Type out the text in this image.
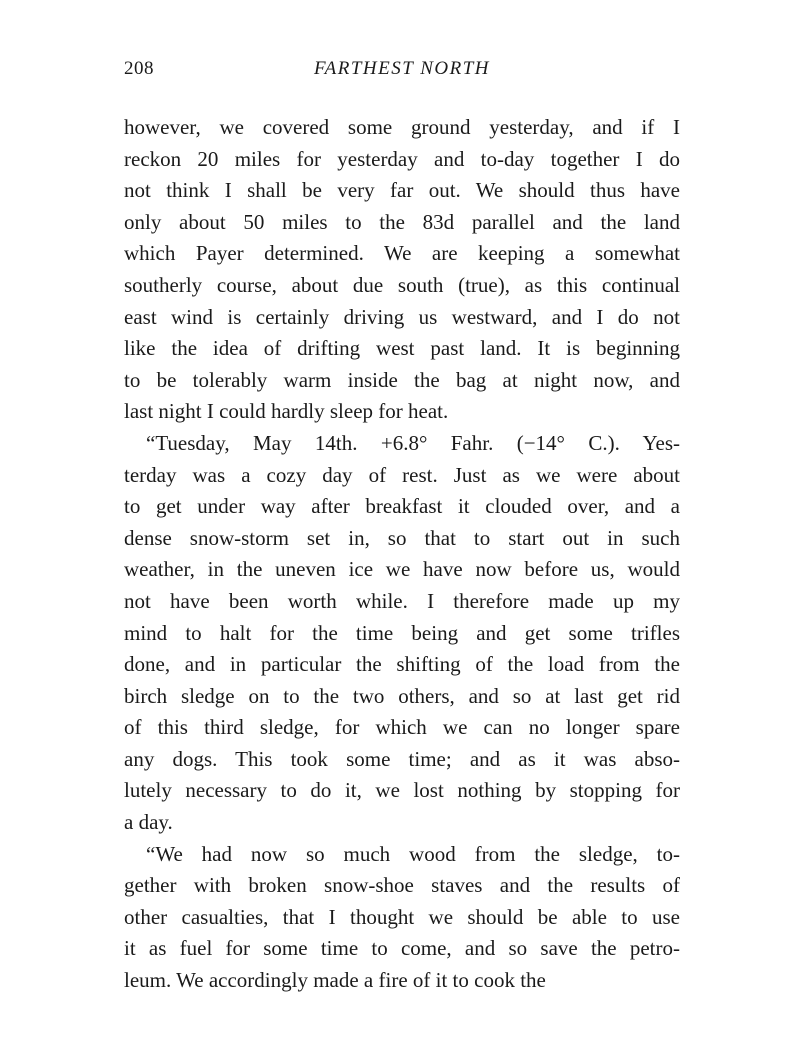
208	FARTHEST NORTH
however, we covered some ground yesterday, and if I
reckon 20 miles for yesterday and to-day together I do
not think I shall be very far out. We should thus have
only about 50 miles to the 83d parallel and the land
which Payer determined. We are keeping a somewhat
southerly course, about due south (true), as this continual
east wind is certainly driving us westward, and I do not
like the idea of drifting west past land. It is beginning
to be tolerably warm inside the bag at night now, and
last night I could hardly sleep for heat.
“Tuesday, May 14th. +6.8° Fahr. (−14° C.). Yes-
terday was a cozy day of rest. Just as we were about
to get under way after breakfast it clouded over, and a
dense snow-storm set in, so that to start out in such
weather, in the uneven ice we have now before us, would
not have been worth while. I therefore made up my
mind to halt for the time being and get some trifles
done, and in particular the shifting of the load from the
birch sledge on to the two others, and so at last get rid
of this third sledge, for which we can no longer spare
any dogs. This took some time; and as it was abso-
lutely necessary to do it, we lost nothing by stopping for
a day.
“We had now so much wood from the sledge, to-
gether with broken snow-shoe staves and the results of
other casualties, that I thought we should be able to use
it as fuel for some time to come, and so save the petro-
leum. We accordingly made a fire of it to cook the
